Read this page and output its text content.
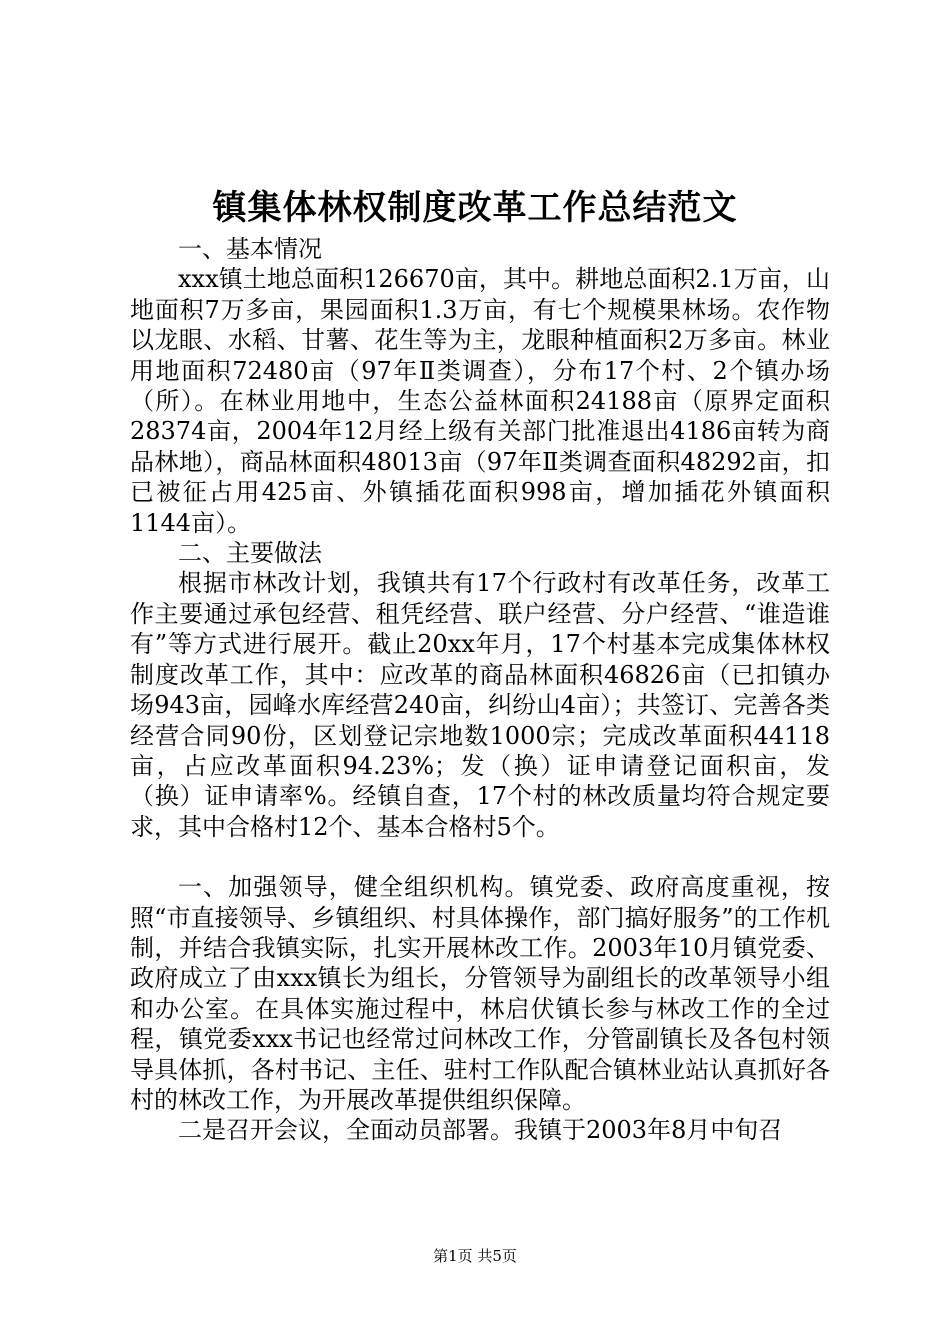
镇集体林权制度改革工作总结范文

一、基本情况

xxx镇土地总面积126670亩，其中。耕地总面积2.1万亩，山地面积7万多亩，果园面积1.3万亩，有七个规模果林场。农作物以龙眼、水稻、甘薯、花生等为主，龙眼种植面积2万多亩。林业用地面积72480亩（97年Ⅱ类调查），分布17个村、2个镇办场（所）。在林业用地中，生态公益林面积24188亩（原界定面积28374亩，2004年12月经上级有关部门批准退出4186亩转为商品林地），商品林面积48013亩（97年Ⅱ类调查面积48292亩，扣已被征占用425亩、外镇插花面积998亩，增加插花外镇面积1144亩）。

二、主要做法

根据市林改计划，我镇共有17个行政村有改革任务，改革工作主要通过承包经营、租凭经营、联户经营、分户经营、“谁造谁有”等方式进行展开。截止20xx年月，17个村基本完成集体林权制度改革工作，其中：应改革的商品林面积46826亩（已扣镇办场943亩，园峰水库经营240亩，纠纷山4亩）；共签订、完善各类经营合同90份，区划登记宗地数1000宗；完成改革面积44118亩，占应改革面积94.23%；发（换）证申请登记面积亩，发（换）证申请率%。经镇自查，17个村的林改质量均符合规定要求，其中合格村12个、基本合格村5个。

一、加强领导，健全组织机构。镇党委、政府高度重视，按照“市直接领导、乡镇组织、村具体操作，部门搞好服务”的工作机制，并结合我镇实际，扎实开展林改工作。2003年10月镇党委、政府成立了由xxx镇长为组长，分管领导为副组长的改革领导小组和办公室。在具体实施过程中，林启伏镇长参与林改工作的全过程，镇党委xxx书记也经常过问林改工作，分管副镇长及各包村领导具体抓，各村书记、主任、驻村工作队配合镇林业站认真抓好各村的林改工作，为开展改革提供组织保障。

二是召开会议，全面动员部署。我镇于2003年8月中旬召

第1页 共5页
